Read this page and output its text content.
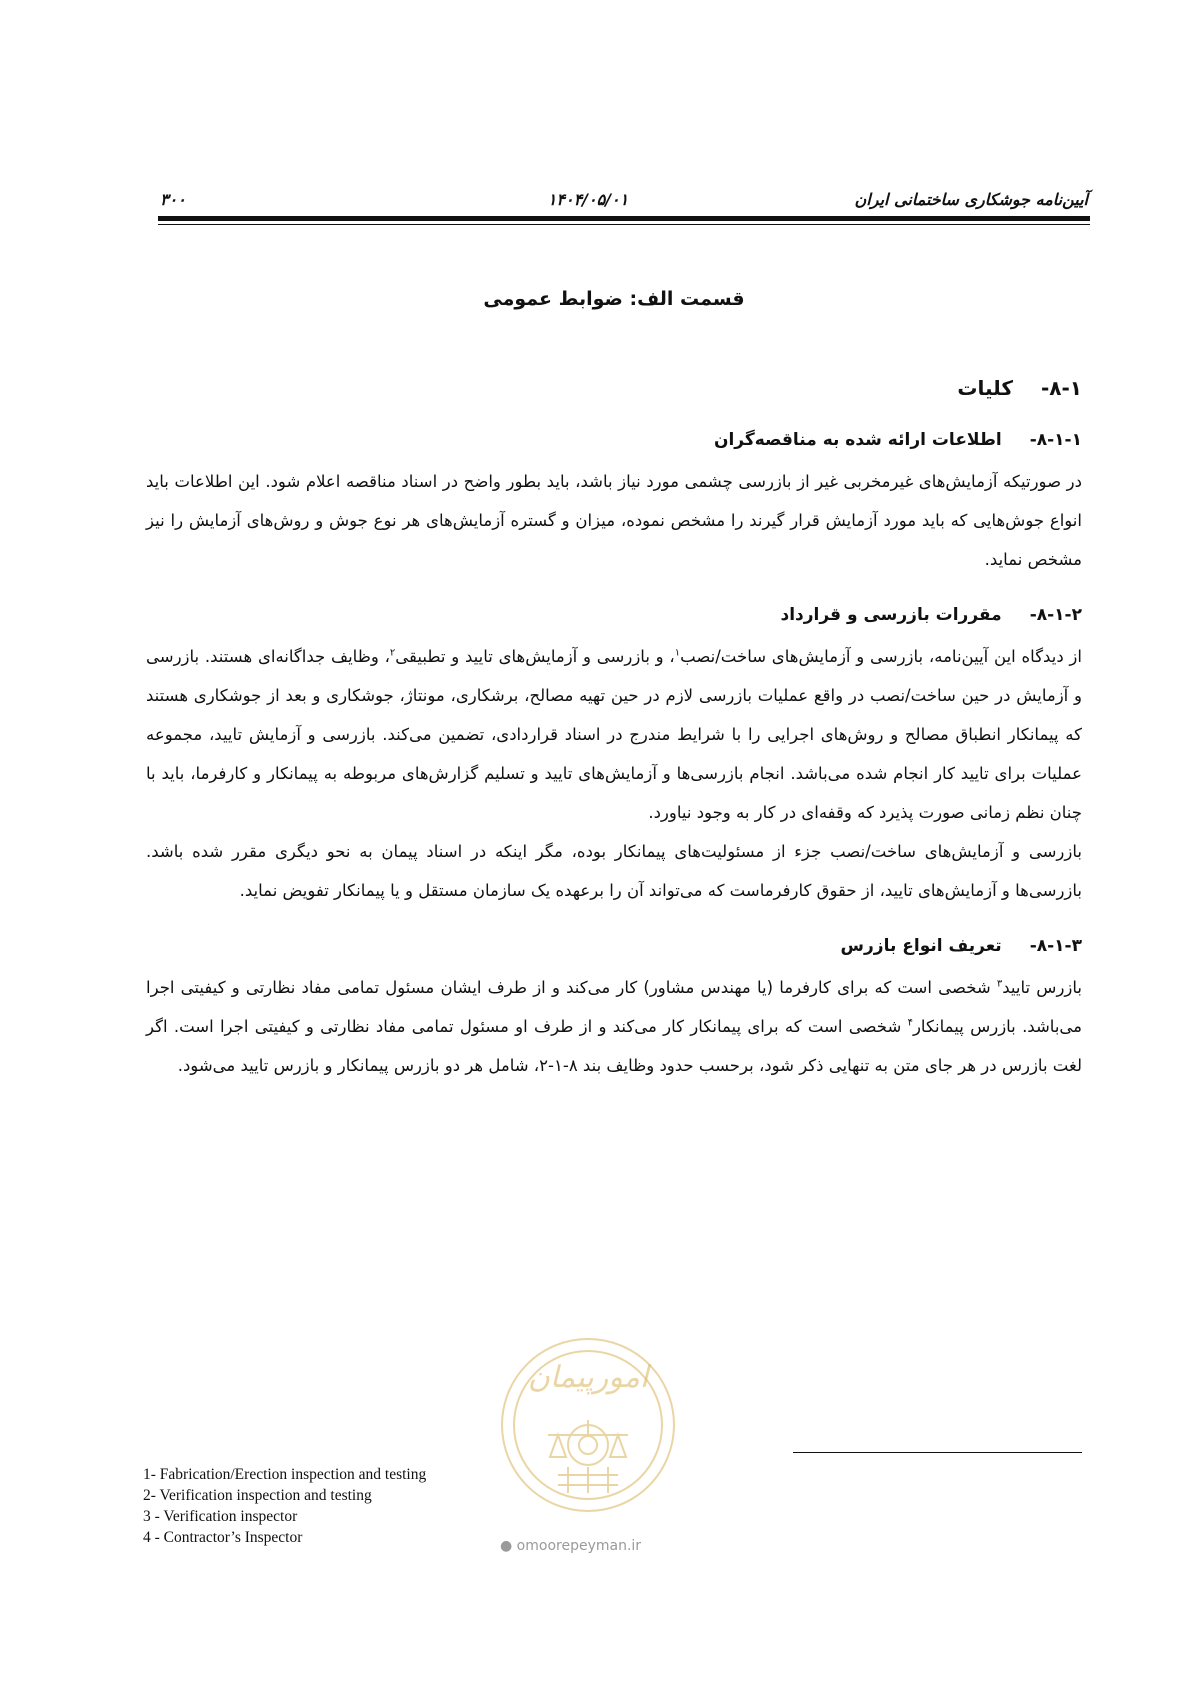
۳۰۰	۱۴۰۴/۰۵/۰۱	آیین‌نامه جوشکاری ساختمانی ایران
قسمت الف: ضوابط عمومی
۸-۱-کلیات
۸-۱-۱-اطلاعات ارائه شده به مناقصه‌گران

در صورتیکه آزمایش‌های غیرمخربی غیر از بازرسی چشمی مورد نیاز باشد، باید بطور واضح در اسناد مناقصه اعلام شود. این اطلاعات باید انواع جوش‌هایی که باید مورد آزمایش قرار گیرند را مشخص نموده، میزان و گستره آزمایش‌های هر نوع جوش و روش‌های آزمایش را نیز مشخص نماید.

۸-۱-۲-مقررات بازرسی و قرارداد

از دیدگاه این آیین‌نامه، بازرسی و آزمایش‌های ساخت/نصب$^۱$، و بازرسی و آزمایش‌های تایید و تطبیقی$^۲$، وظایف جداگانه‌ای هستند. بازرسی و آزمایش در حین ساخت/نصب در واقع عملیات بازرسی لازم در حین تهیه مصالح، برشکاری، مونتاژ، جوشکاری و بعد از جوشکاری هستند که پیمانکار انطباق مصالح و روش‌های اجرایی را با شرایط مندرج در اسناد قراردادی، تضمین می‌کند. بازرسی و آزمایش تایید، مجموعه عملیات برای تایید کار انجام شده می‌باشد. انجام بازرسی‌ها و آزمایش‌های تایید و تسلیم گزارش‌های مربوطه به پیمانکار و کارفرما، باید با چنان نظم زمانی صورت پذیرد که وقفه‌ای در کار به وجود نیاورد.

بازرسی و آزمایش‌های ساخت/نصب جزء از مسئولیت‌های پیمانکار بوده، مگر اینکه در اسناد پیمان به نحو دیگری مقرر شده باشد. بازرسی‌ها و آزمایش‌های تایید، از حقوق کارفرماست که می‌تواند آن را برعهده یک سازمان مستقل و یا پیمانکار تفویض نماید.

۸-۱-۳-تعریف انواع بازرس

بازرس تایید$^۳$ شخصی است که برای کارفرما (یا مهندس مشاور) کار می‌کند و از طرف ایشان مسئول تمامی مفاد نظارتی و کیفیتی اجرا می‌باشد. بازرس پیمانکار$^۴$ شخصی است که برای پیمانکار کار می‌کند و از طرف او مسئول تمامی مفاد نظارتی و کیفیتی اجرا است. اگر لغت بازرس در هر جای متن به تنهایی ذکر شود، برحسب حدود وظایف بند ۸-۱-۲، شامل هر دو بازرس پیمانکار و بازرس تایید می‌شود.

1- Fabrication/Erection inspection and testing
2- Verification inspection and testing
3 - Verification inspector
4 - Contractor’s Inspector
امورپیمان
● omoorepeyman.ir
